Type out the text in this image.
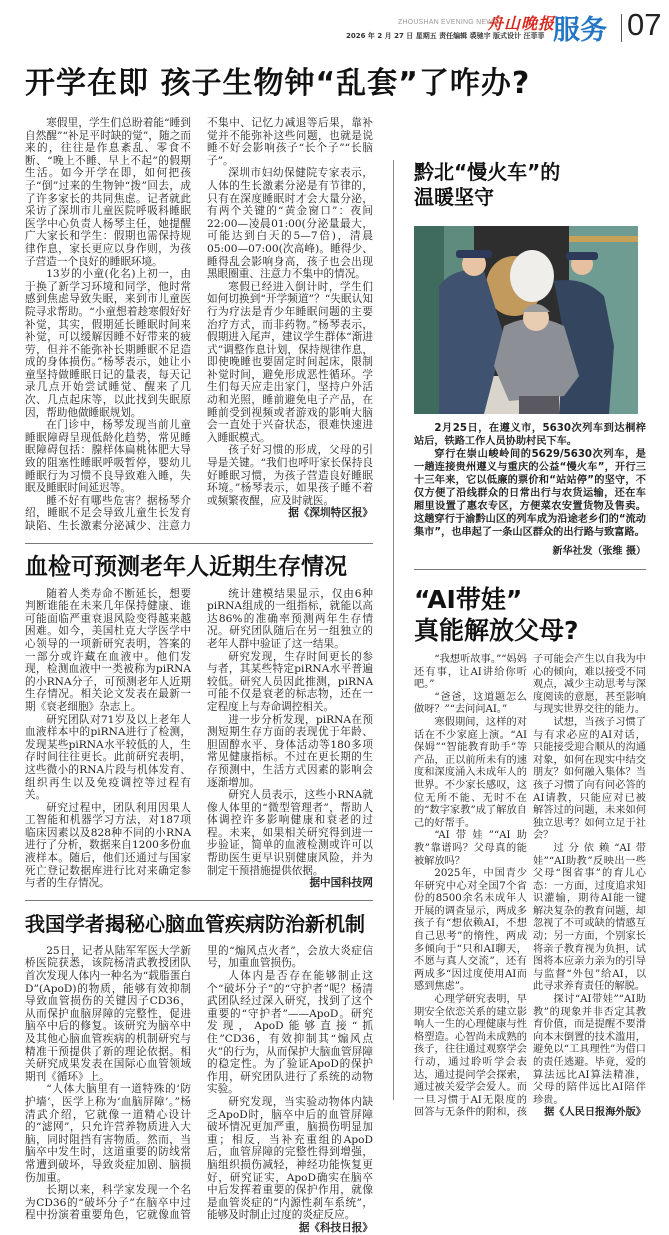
ZHOUSHAN EVENING NEWS
舟山晚报
2026 年 2 月 27 日 星期五 责任编辑 裘驰宇 版式设计 汪菲菲 服务 07
开学在即 孩子生物钟“乱套”了咋办?

寒假里，学生们总盼着能“睡到自然醒”“补足平时缺的觉”，随之而来的，往往是作息紊乱、零食不断、“晚上不睡、早上不起”的假期生活。如今开学在即，如何把孩子“倒”过来的生物钟“拨”回去，成了许多家长的共同焦虑。记者就此采访了深圳市儿童医院呼吸科睡眠医学中心负责人杨琴主任，她提醒广大家长和学生：假期也需保持规律作息，家长更应以身作则，为孩子营造一个良好的睡眠环境。

13岁的小童(化名)上初一，由于换了新学习环境和同学，他时常感到焦虑导致失眠，来到市儿童医院寻求帮助。“小童想着趁寒假好好补觉，其实，假期延长睡眠时间来补觉，可以缓解因睡不好带来的疲劳，但并不能弥补长期睡眠不足造成的身体损伤。”杨琴表示，她让小童坚持做睡眠日记的量表，每天记录几点开始尝试睡觉、醒来了几次、几点起床等，以此找到失眠原因，帮助他做睡眠规划。

在门诊中，杨琴发现当前儿童睡眠障碍呈现低龄化趋势，常见睡眠障碍包括：腺样体扁桃体肥大导致的阻塞性睡眠呼吸暂停，婴幼儿睡眠行为习惯不良导致难入睡，失眠及睡眠时间延迟等。

睡不好有哪些危害？据杨琴介绍，睡眠不足会导致儿童生长发育缺陷、生长激素分泌减少、注意力不集中、记忆力减退等后果，靠补觉并不能弥补这些问题，也就是说睡不好会影响孩子“长个子”“长脑子”。

深圳市妇幼保健院专家表示，人体的生长激素分泌是有节律的，只有在深度睡眠时才会大量分泌，有两个关键的“黄金窗口”：夜间22:00—凌晨01:00(分泌量最大，可能达到白天的5—7倍)，清晨05:00—07:00(次高峰)。睡得少、睡得乱会影响身高，孩子也会出现黑眼圈重、注意力不集中的情况。

寒假已经进入倒计时，学生们如何切换到“开学频道”？“失眠认知行为疗法是青少年睡眠问题的主要治疗方式，而非药物。”杨琴表示，假期进入尾声，建议学生群体“渐进式”调整作息计划，保持规律作息，即使晚睡也要固定时间起床，限制补觉时间，避免形成恶性循环。学生们每天应走出家门，坚持户外活动和光照，睡前避免电子产品，在睡前受到视频或者游戏的影响大脑会一直处于兴奋状态，很难快速进入睡眠模式。

孩子好习惯的形成，父母的引导是关键。“我们也呼吁家长保持良好睡眠习惯，为孩子营造良好睡眠环境。”杨琴表示，如果孩子睡不着或频繁夜醒，应及时就医。

据《深圳特区报》

血检可预测老年人近期生存情况

随着人类寿命不断延长，想要判断谁能在未来几年保持健康、谁可能面临严重衰退风险变得越来越困难。如今，美国杜克大学医学中心领导的一项新研究表明，答案的一部分或许藏在血液中。他们发现，检测血液中一类被称为piRNA的小RNA分子，可预测老年人近期生存情况。相关论文发表在最新一期《衰老细胞》杂志上。

研究团队对71岁及以上老年人血液样本中的piRNA进行了检测，发现某些piRNA水平较低的人，生存时间往往更长。此前研究表明，这些微小的RNA片段与机体发育、组织再生以及免疫调控等过程有关。

研究过程中，团队利用因果人工智能和机器学习方法，对187项临床因素以及828种不同的小RNA进行了分析，数据来自1200多份血液样本。随后，他们还通过与国家死亡登记数据库进行比对来确定参与者的生存情况。

统计建模结果显示，仅由6种piRNA组成的一组指标，就能以高达86%的准确率预测两年生存情况。研究团队随后在另一组独立的老年人群中验证了这一结果。

研究发现，生存时间更长的参与者，其某些特定piRNA水平普遍较低。研究人员因此推测，piRNA可能不仅是衰老的标志物，还在一定程度上与寿命调控相关。

进一步分析发现，piRNA在预测短期生存方面的表现优于年龄、胆固醇水平、身体活动等180多项常见健康指标。不过在更长期的生存预测中，生活方式因素的影响会逐渐增加。

研究人员表示，这些小RNA就像人体里的“微型管理者”，帮助人体调控许多影响健康和衰老的过程。未来，如果相关研究得到进一步验证，简单的血液检测或许可以帮助医生更早识别健康风险，并为制定干预措施提供依据。

据中国科技网

我国学者揭秘心脑血管疾病防治新机制

25日，记者从陆军军医大学新桥医院获悉，该院杨清武教授团队首次发现人体内一种名为“载脂蛋白D”(ApoD)的物质，能够有效抑制导致血管损伤的关键因子CD36，从而保护血脑屏障的完整性，促进脑卒中后的修复。该研究为脑卒中及其他心脑血管疾病的机制研究与精准干预提供了新的理论依据。相关研究成果发表在国际心血管领域期刊《循环》上。

“人体大脑里有一道特殊的‘防护墙’，医学上称为‘血脑屏障’。”杨清武介绍，它就像一道精心设计的“滤网”，只允许营养物质进入大脑，同时阻挡有害物质。然而，当脑卒中发生时，这道重要的防线常常遭到破坏，导致炎症加剧、脑损伤加重。

长期以来，科学家发现一个名为CD36的“破坏分子”在脑卒中过程中扮演着重要角色，它就像血管里的“煽风点火者”，会放大炎症信号，加重血管损伤。

人体内是否存在能够制止这个“破坏分子”的“守护者”呢？杨清武团队经过深入研究，找到了这个重要的“守护者”——ApoD。研究发现，ApoD能够直接“抓住”CD36，有效抑制其“煽风点火”的行为，从而保护大脑血管屏障的稳定性。为了验证ApoD的保护作用，研究团队进行了系统的动物实验。

研究发现，当实验动物体内缺乏ApoD时，脑卒中后的血管屏障破坏情况更加严重，脑损伤明显加重；相反，当补充重组的ApoD后，血管屏障的完整性得到增强，脑组织损伤减轻，神经功能恢复更好，研究证实，ApoD确实在脑卒中后发挥着重要的保护作用，就像是血管炎症的“内源性刹车系统”，能够及时制止过度的炎症反应。

据《科技日报》

黔北“慢火车”的
温暖坚守

2月25日，在遵义市，5630次列车到达桐梓站后，铁路工作人员协助村民下车。

穿行在崇山峻岭间的5629/5630次列车，是一趟连接贵州遵义与重庆的公益“慢火车”，开行三十三年来，它以低廉的票价和“站站停”的坚守，不仅方便了沿线群众的日常出行与农货运输，还在车厢里设置了惠农专区，方便菜农安置货物及售卖。这趟穿行于渝黔山区的列车成为沿途老乡们的“流动集市”，也串起了一条山区群众的出行路与致富路。

新华社发（张维 摄）
“AI带娃”
真能解放父母?

“我想听故事。”“妈妈还有事，让AI讲给你听吧。”

“爸爸，这道题怎么做呀？”“去问问AI。”

寒假期间，这样的对话在不少家庭上演。“AI保姆”“智能教育助手”等产品，正以前所未有的速度和深度涌入未成年人的世界。不少家长感叹，这位无所不能、无时不在的“数字家教”成了解放自己的好帮手。

“AI带娃”“AI助教”靠谱吗？父母真的能被解放吗？

2025年，中国青少年研究中心对全国7个省份的8500余名未成年人开展的调查显示，两成多孩子有“想依赖AI，不想自己思考”的惰性，两成多倾向于“只和AI聊天，不愿与真人交流”，还有两成多“因过度使用AI而感到焦虑”。

心理学研究表明，早期安全依恋关系的建立影响人一生的心理健康与性格塑造。心智尚未成熟的孩子，往往通过观察学会行动，通过聆听学会表达，通过提问学会探索，通过被关爱学会爱人。而一旦习惯于AI无限度的回答与无条件的附和，孩子可能会产生以自我为中心的倾向，难以接受不同观点，减少主动思考与深度阅读的意愿，甚至影响与现实世界交往的能力。

试想，当孩子习惯了与有求必应的AI对话，只能接受迎合顺从的沟通对象，如何在现实中结交朋友？如何融入集体？当孩子习惯了向有问必答的AI请教，只能应对已被解答过的问题，未来如何独立思考？如何立足于社会？

过分依赖“AI带娃”“AI助教”反映出一些父母“图省事”的育儿心态：一方面，过度追求知识灌输，期待AI能一键解决复杂的教育问题，却忽视了不可或缺的情感互动；另一方面，个别家长将亲子教育视为负担，试图将本应亲力亲为的引导与监督“外包”给AI，以此寻求养育责任的解脱。

探讨“AI带娃”“AI助教”的现象并非否定其教育价值，而是提醒不要滑向本末倒置的技术滥用，避免以“工具理性”为借口的责任逃避。毕竟，爱的算法远比AI算法精准，父母的陪伴远比AI陪伴珍贵。

据《人民日报海外版》
